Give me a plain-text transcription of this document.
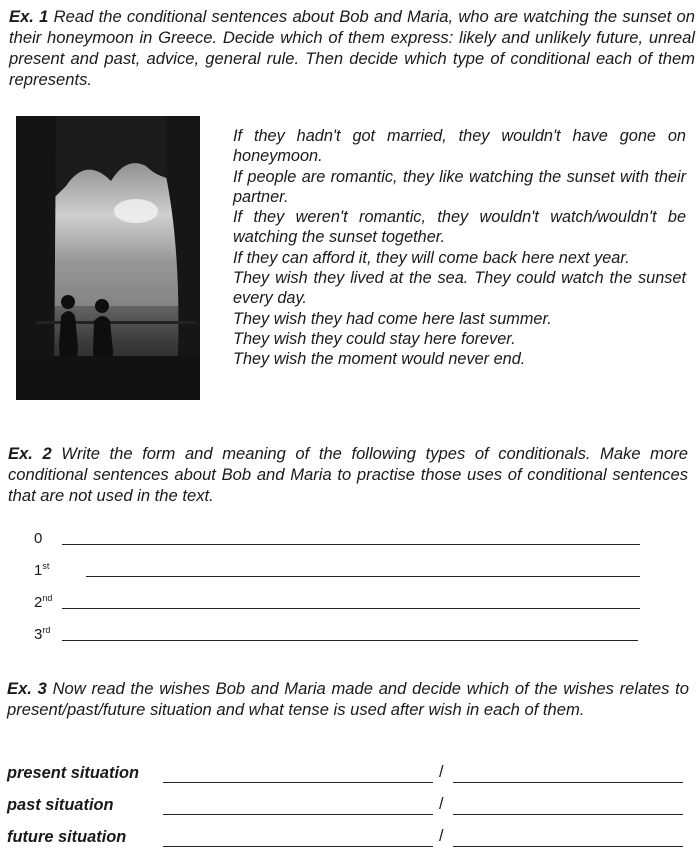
Ex. 1 Read the conditional sentences about Bob and Maria, who are watching the sunset on their honeymoon in Greece. Decide which of them express: likely and unlikely future, unreal present and past, advice, general rule. Then decide which type of conditional each of them represents.
If they hadn't got married, they wouldn't have gone on honeymoon.
If people are romantic, they like watching the sunset with their partner.
If they weren't romantic, they wouldn't watch/wouldn't be watching the sunset together.
If they can afford it, they will come back here next year.
They wish they lived at the sea. They could watch the sunset every day.
They wish they had come here last summer.
They wish they could stay here forever.
They wish the moment would never end.
Ex. 2 Write the form and meaning of the following types of conditionals. Make more conditional sentences about Bob and Maria to practise those uses of conditional sentences that are not used in the text.
0
1st
2nd
3rd
Ex. 3 Now read the wishes Bob and Maria made and decide which of the wishes relates to present/past/future situation and what tense is used after wish in each of them.
present situation	/
past situation	/
future situation	/
